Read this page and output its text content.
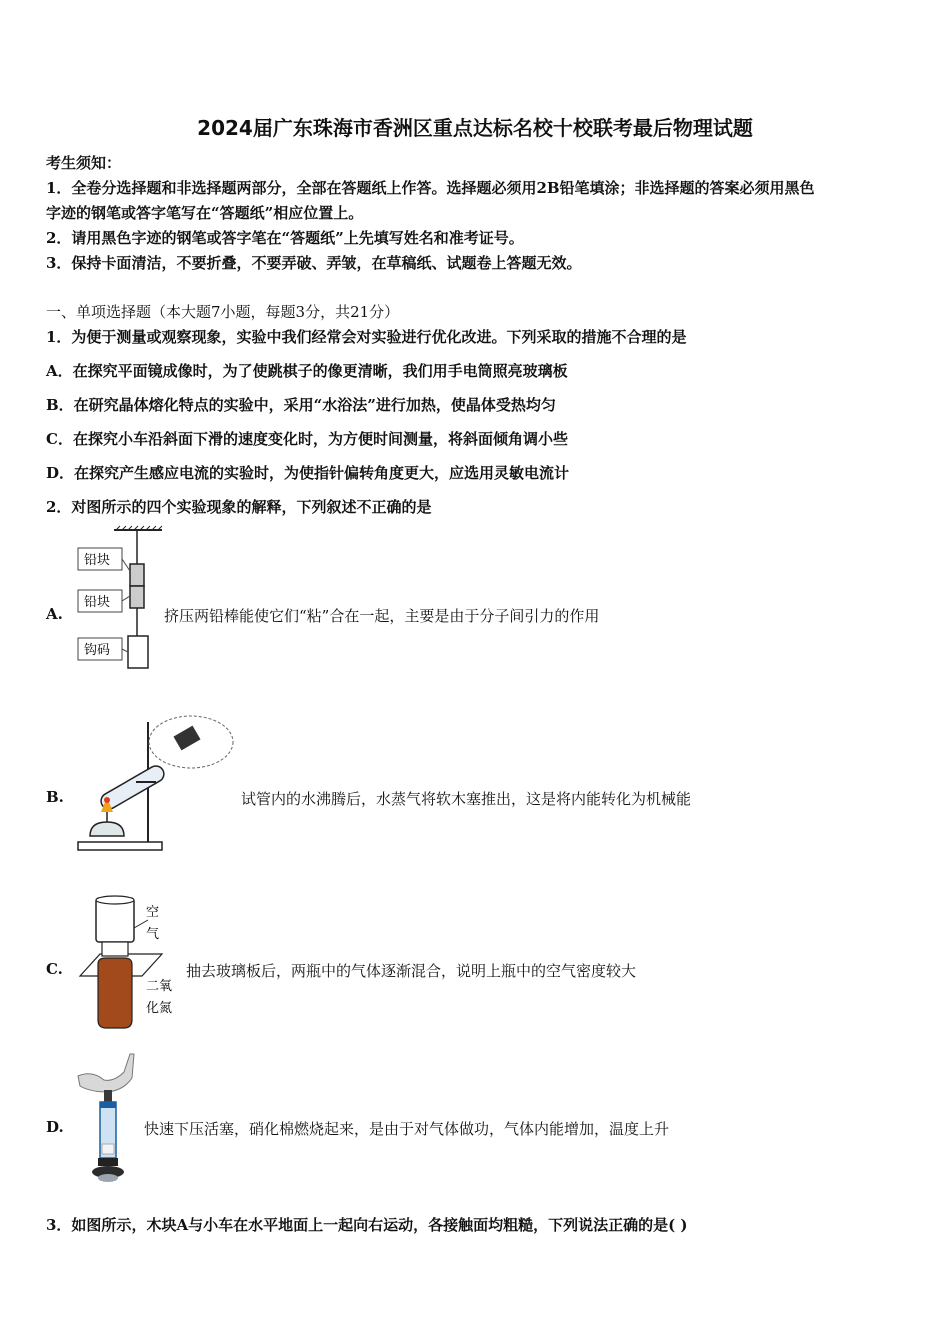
2024届广东珠海市香洲区重点达标名校十校联考最后物理试题
考生须知：
1．全卷分选择题和非选择题两部分，全部在答题纸上作答。选择题必须用2B铅笔填涂；非选择题的答案必须用黑色
字迹的钢笔或答字笔写在“答题纸”相应位置上。
2．请用黑色字迹的钢笔或答字笔在“答题纸”上先填写姓名和准考证号。
3．保持卡面清洁，不要折叠，不要弄破、弄皱，在草稿纸、试题卷上答题无效。
一、单项选择题（本大题7小题，每题3分，共21分）
1．为便于测量或观察现象，实验中我们经常会对实验进行优化改进。下列采取的措施不合理的是
A．在探究平面镜成像时，为了使跳棋子的像更清晰，我们用手电筒照亮玻璃板
B．在研究晶体熔化特点的实验中，采用“水浴法”进行加热，使晶体受热均匀
C．在探究小车沿斜面下滑的速度变化时，为方便时间测量，将斜面倾角调小些
D．在探究产生感应电流的实验时，为使指针偏转角度更大，应选用灵敏电流计
2．对图所示的四个实验现象的解释，下列叙述不正确的是
A.
铅块
铅块
钩码
挤压两铅棒能使它们“粘”合在一起，主要是由于分子间引力的作用
B.	试管内的水沸腾后，水蒸气将软木塞推出，这是将内能转化为机械能
C.
空
气
二氧
化氮
抽去玻璃板后，两瓶中的气体逐渐混合，说明上瓶中的空气密度较大
D.	快速下压活塞，硝化棉燃烧起来，是由于对气体做功，气体内能增加，温度上升
3．如图所示，木块A与小车在水平地面上一起向右运动，各接触面均粗糙，下列说法正确的是( )
